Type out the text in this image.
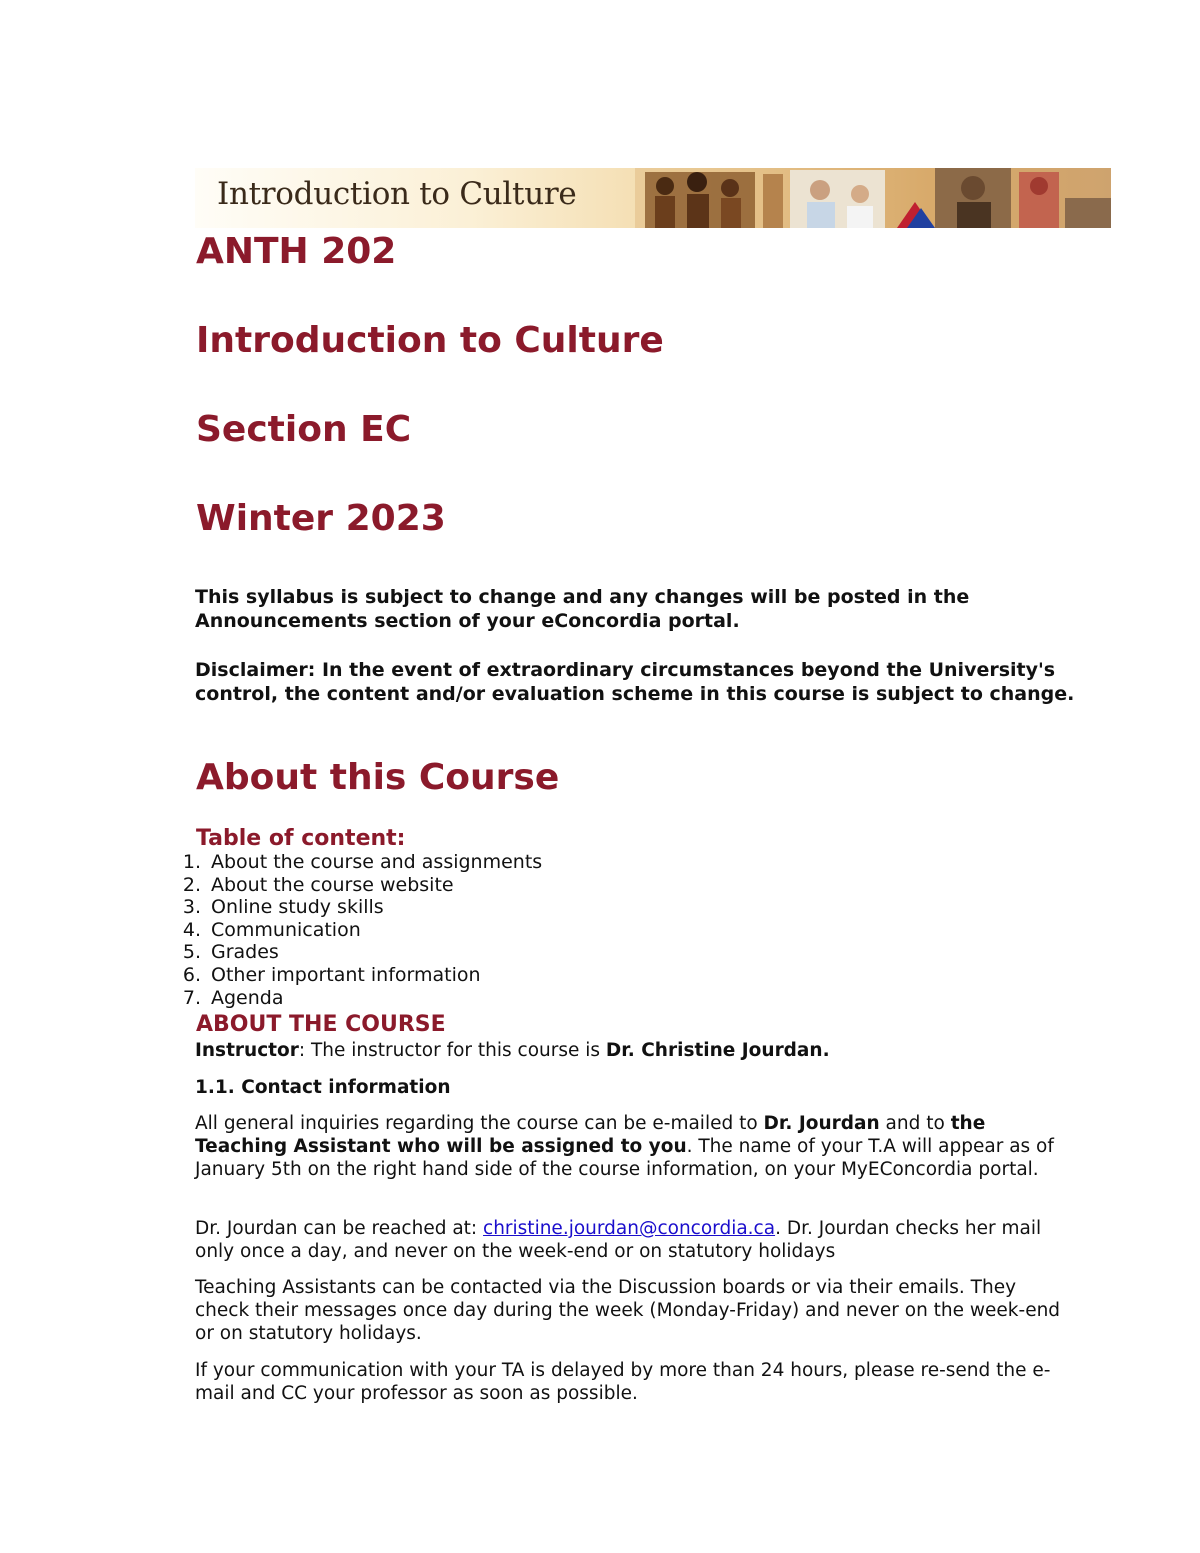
Introduction to Culture
ANTH 202
Introduction to Culture
Section EC
Winter 2023

This syllabus is subject to change and any changes will be posted in the Announcements section of your eConcordia portal.

Disclaimer: In the event of extraordinary circumstances beyond the University's control, the content and/or evaluation scheme in this course is subject to change.

About this Course
Table of content:
1. About the course and assignments
2. About the course website
3. Online study skills
4. Communication
5. Grades
6. Other important information
7. Agenda
ABOUT THE COURSE

Instructor: The instructor for this course is Dr. Christine Jourdan.

1.1. Contact information

All general inquiries regarding the course can be e-mailed to Dr. Jourdan and to the Teaching Assistant who will be assigned to you. The name of your T.A will appear as of January 5th on the right hand side of the course information, on your MyEConcordia portal.

Dr. Jourdan can be reached at: christine.jourdan@concordia.ca. Dr. Jourdan checks her mail only once a day, and never on the week-end or on statutory holidays

Teaching Assistants can be contacted via the Discussion boards or via their emails. They check their messages once day during the week (Monday-Friday) and never on the week-end or on statutory holidays.

If your communication with your TA is delayed by more than 24 hours, please re-send the e-mail and CC your professor as soon as possible.
